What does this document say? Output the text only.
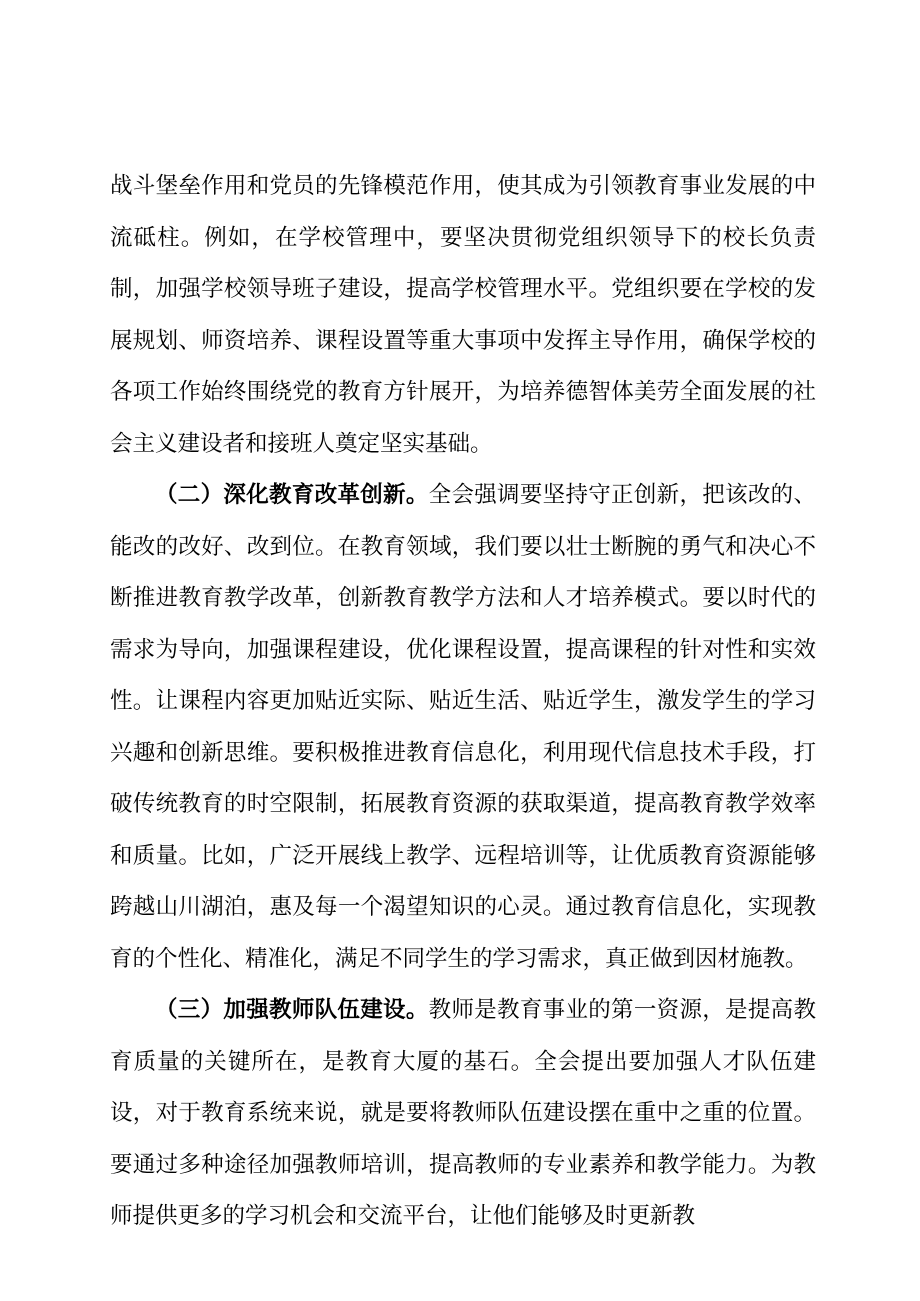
战斗堡垒作用和党员的先锋模范作用，使其成为引领教育事业发展的中流砥柱。例如，在学校管理中，要坚决贯彻党组织领导下的校长负责制，加强学校领导班子建设，提高学校管理水平。党组织要在学校的发展规划、师资培养、课程设置等重大事项中发挥主导作用，确保学校的各项工作始终围绕党的教育方针展开，为培养德智体美劳全面发展的社会主义建设者和接班人奠定坚实基础。

（二）深化教育改革创新。全会强调要坚持守正创新，把该改的、能改的改好、改到位。在教育领域，我们要以壮士断腕的勇气和决心不断推进教育教学改革，创新教育教学方法和人才培养模式。要以时代的需求为导向，加强课程建设，优化课程设置，提高课程的针对性和实效性。让课程内容更加贴近实际、贴近生活、贴近学生，激发学生的学习兴趣和创新思维。要积极推进教育信息化，利用现代信息技术手段，打破传统教育的时空限制，拓展教育资源的获取渠道，提高教育教学效率和质量。比如，广泛开展线上教学、远程培训等，让优质教育资源能够跨越山川湖泊，惠及每一个渴望知识的心灵。通过教育信息化，实现教育的个性化、精准化，满足不同学生的学习需求，真正做到因材施教。

（三）加强教师队伍建设。教师是教育事业的第一资源，是提高教育质量的关键所在，是教育大厦的基石。全会提出要加强人才队伍建设，对于教育系统来说，就是要将教师队伍建设摆在重中之重的位置。要通过多种途径加强教师培训，提高教师的专业素养和教学能力。为教师提供更多的学习机会和交流平台，让他们能够及时更新教
